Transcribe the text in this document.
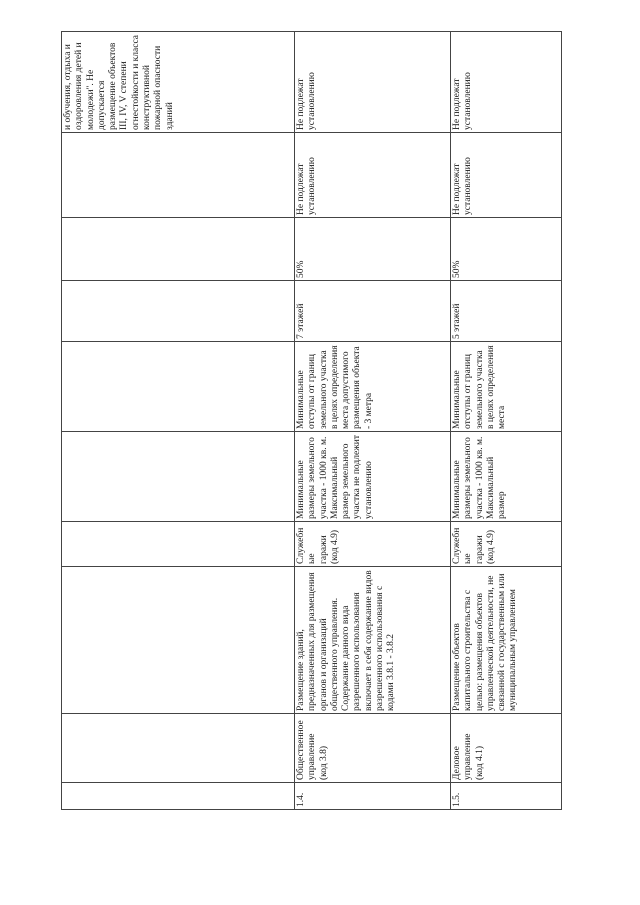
и обучения, отдыха и оздоровления детей и молодежи". Не допускается размещение объектов III, IV, V степени огнестойкости и класса конструктивной пожарной опасности зданий
1.4.
Общественное управление (код 3.8)
Размещение зданий, предназначенных для размещения органов и организаций общественного управления. Содержание данного вида разрешенного использования включает в себя содержание видов разрешенного использования с кодами 3.8.1 - 3.8.2
Служебные гаражи (код 4.9)
Минимальные размеры земельного участка - 1000 кв. м. Максимальный размер земельного участка не подлежит установлению
Минимальные отступы от границ земельного участка в целях определения места допустимого размещения объекта - 3 метра
7 этажей
50%
Не подлежат установлению
Не подлежат установлению
1.5.
Деловое управление (код 4.1)
Размещение объектов капитального строительства с целью: размещения объектов управленческой деятельности, не связанной с государственным или муниципальным управлением
Служебные гаражи (код 4.9)
Минимальные размеры земельного участка - 1000 кв. м. Максимальный размер
Минимальные отступы от границ земельного участка в целях определения места
5 этажей
50%
Не подлежат установлению
Не подлежат установлению
